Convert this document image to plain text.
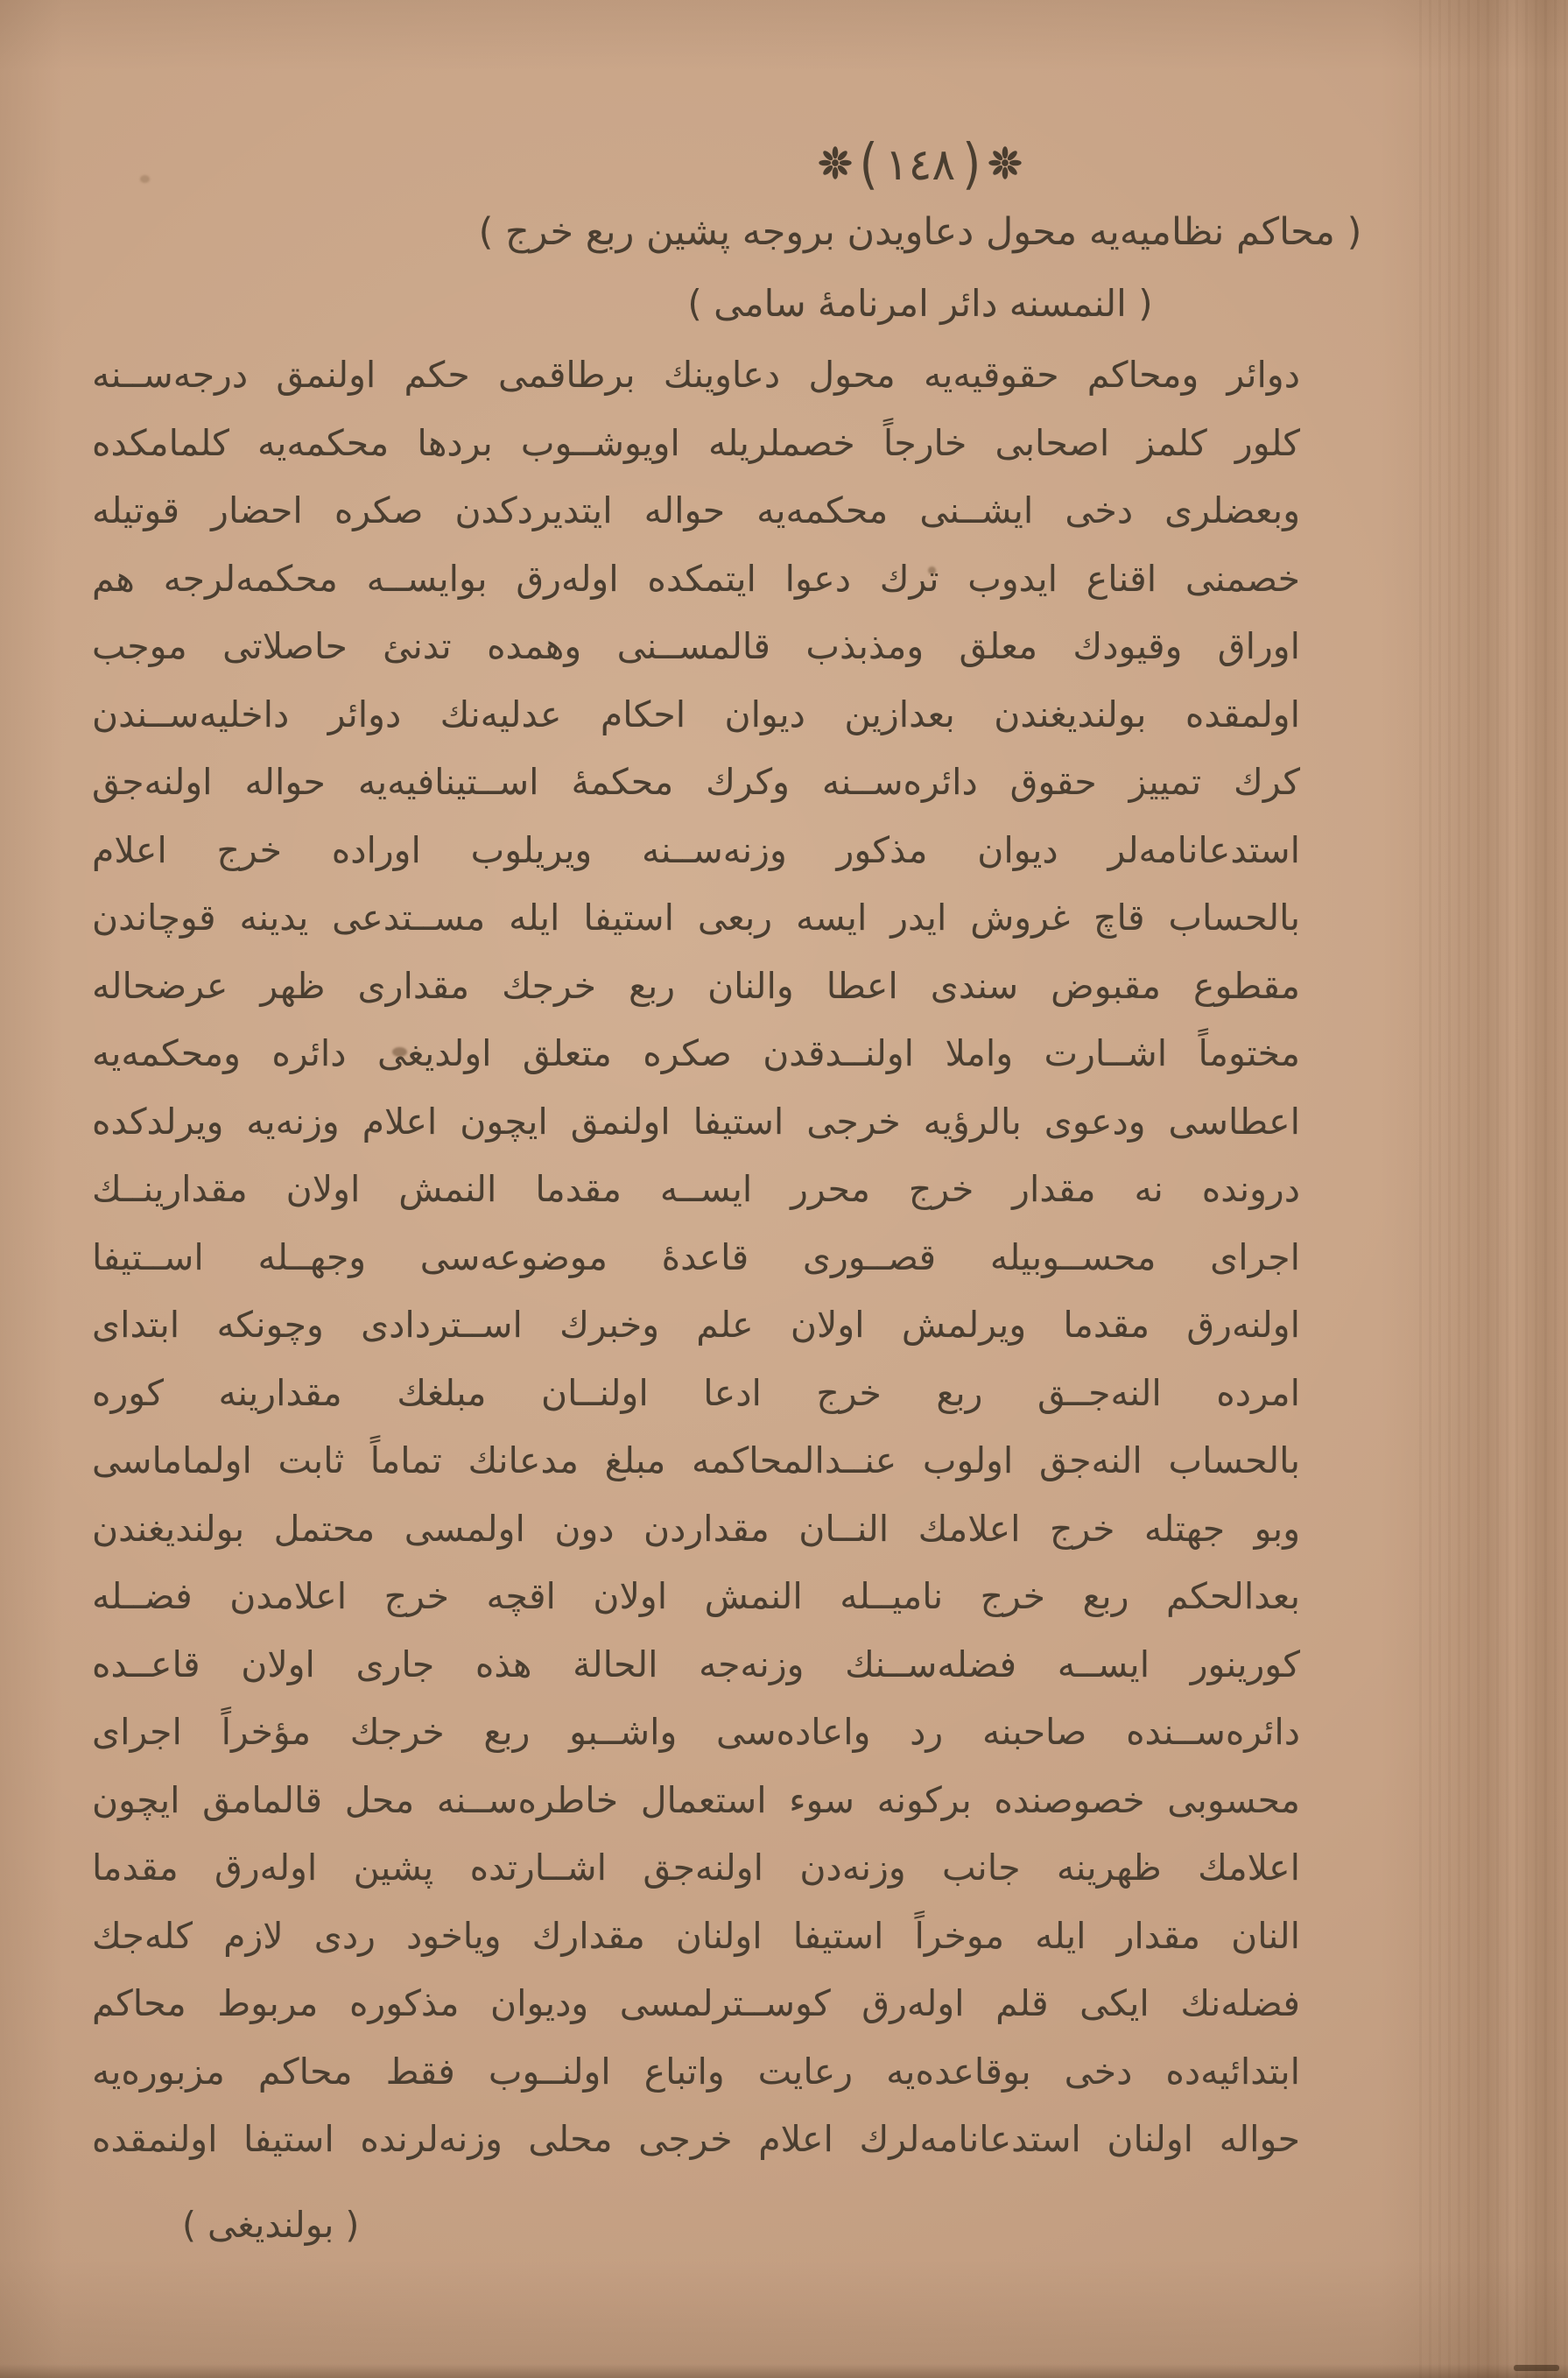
(
١٤٨
)
( محاكم نظاميه‌يه محول دعاويدن بروجه پشين ربع خرج )
( النمسنه دائر امرنامهٔ سامى )
دوائر ومحاكم حقوقيه‌يه محول دعاوينك برطاقمى حكم اولنمق درجه‌ســنه
كلور كلمز اصحابى خارجاً خصملريله اويوشــوب بردها محكمه‌يه كلمامكده
وبعضلرى دخى ايشــنى محكمه‌يه حواله ايتديردكدن صكره احضار قوتيله
خصمنى اقناع ايدوب ترك دعوا ايتمكده اوله‌رق بوايســه محكمه‌لرجه هم
اوراق وقيودك معلق ومذبذب قالمســنى وهمده تدنئ حاصلاتى موجب
اولمقده بولنديغندن بعدازين ديوان احكام عدليه‌نك دوائر داخليه‌ســندن
كرك تمييز حقوق دائره‌ســنه وكرك محكمهٔ اســتينافيه‌يه حواله اولنه‌جق
استدعانامه‌لر ديوان مذكور وزنه‌ســنه ويريلوب اوراده خرج اعلام
بالحساب قاچ غروش ايدر ايسه ربعى استيفا ايله مســتدعى يدينه قوچاندن
مقطوع مقبوض سندى اعطا والنان ربع خرجك مقدارى ظهر عرضحاله
مختوماً اشــارت واملا اولنــدقدن صكره متعلق اولديغى دائره ومحكمه‌يه
اعطاسى ودعوى بالرؤيه خرجى استيفا اولنمق ايچون اعلام وزنه‌يه ويرلدكده
درونده نه مقدار خرج محرر ايســه مقدما النمش اولان مقدارينــك
اجراى محســوبيله قصــورى قاعدهٔ موضوعه‌سى وجهــله اســتيفا
اولنه‌رق مقدما ويرلمش اولان علم وخبرك اســتردادى وچونكه ابتداى
امرده النه‌جــق ربع خرج ادعا اولنــان مبلغك مقدارينه كوره
بالحساب النه‌جق اولوب عنــدالمحاكمه مبلغ مدعانك تماماً ثابت اولماماسى
وبو جهتله خرج اعلامك النــان مقداردن دون اولمسى محتمل بولنديغندن
بعدالحكم ربع خرج ناميــله النمش اولان اقچه خرج اعلامدن فضــله
كورينور ايســه فضله‌ســنك وزنه‌جه الحالة هذه جارى اولان قاعــده
دائره‌ســنده صاحبنه رد واعاده‌سى واشــبو ربع خرجك مؤخراً اجراى
محسوبى خصوصنده بركونه سوء استعمال خاطره‌ســنه محل قالمامق ايچون
اعلامك ظهرينه جانب وزنه‌دن اولنه‌جق اشــارتده پشين اوله‌رق مقدما
النان مقدار ايله موخراً استيفا اولنان مقدارك وياخود ردى لازم كله‌جك
فضله‌نك ايكى قلم اوله‌رق كوســترلمسى وديوان مذكوره مربوط محاكم
ابتدائيه‌ده دخى بوقاعده‌يه رعايت واتباع اولنــوب فقط محاكم مزبوره‌يه
حواله اولنان استدعانامه‌لرك اعلام خرجى محلى وزنه‌لرنده استيفا اولنمقده
( بولنديغى )
